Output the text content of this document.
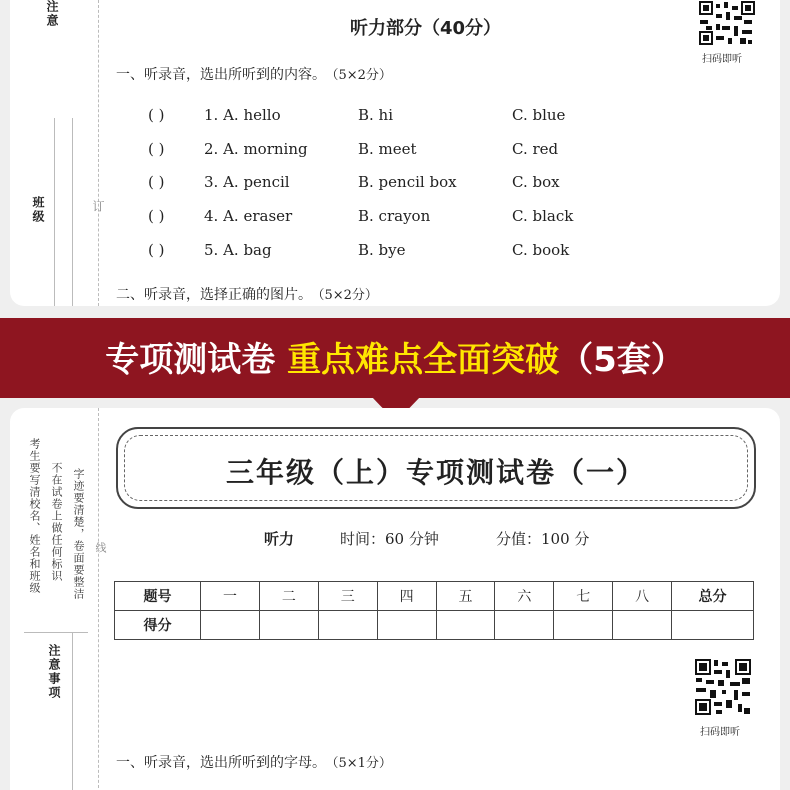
注意
班级	订
听力部分（40分）
扫码即听
一、听录音，选出所听到的内容。 （5×2分）
( )	1. A. hello	B. hi	C. blue
( )	2. A. morning	B. meet	C. red
( )	3. A. pencil	B. pencil box	C. box
( )	4. A. eraser	B. crayon	C. black
( )	5. A. bag	B. bye	C. book
二、听录音，选择正确的图片。 （5×2分）
专项测试卷 重点难点全面突破（5套）
考生要写清校名、姓名和班级 不在试卷上做任何标识 字迹要清楚，卷面要整洁 线
注意事项
三年级（上）专项测试卷（一）
听力	时间：60 分钟	分值：100 分
题号	一	二	三	四	五	六	七	八	总分
得分									
扫码即听
一、听录音，选出所听到的字母。 （5×1分）
